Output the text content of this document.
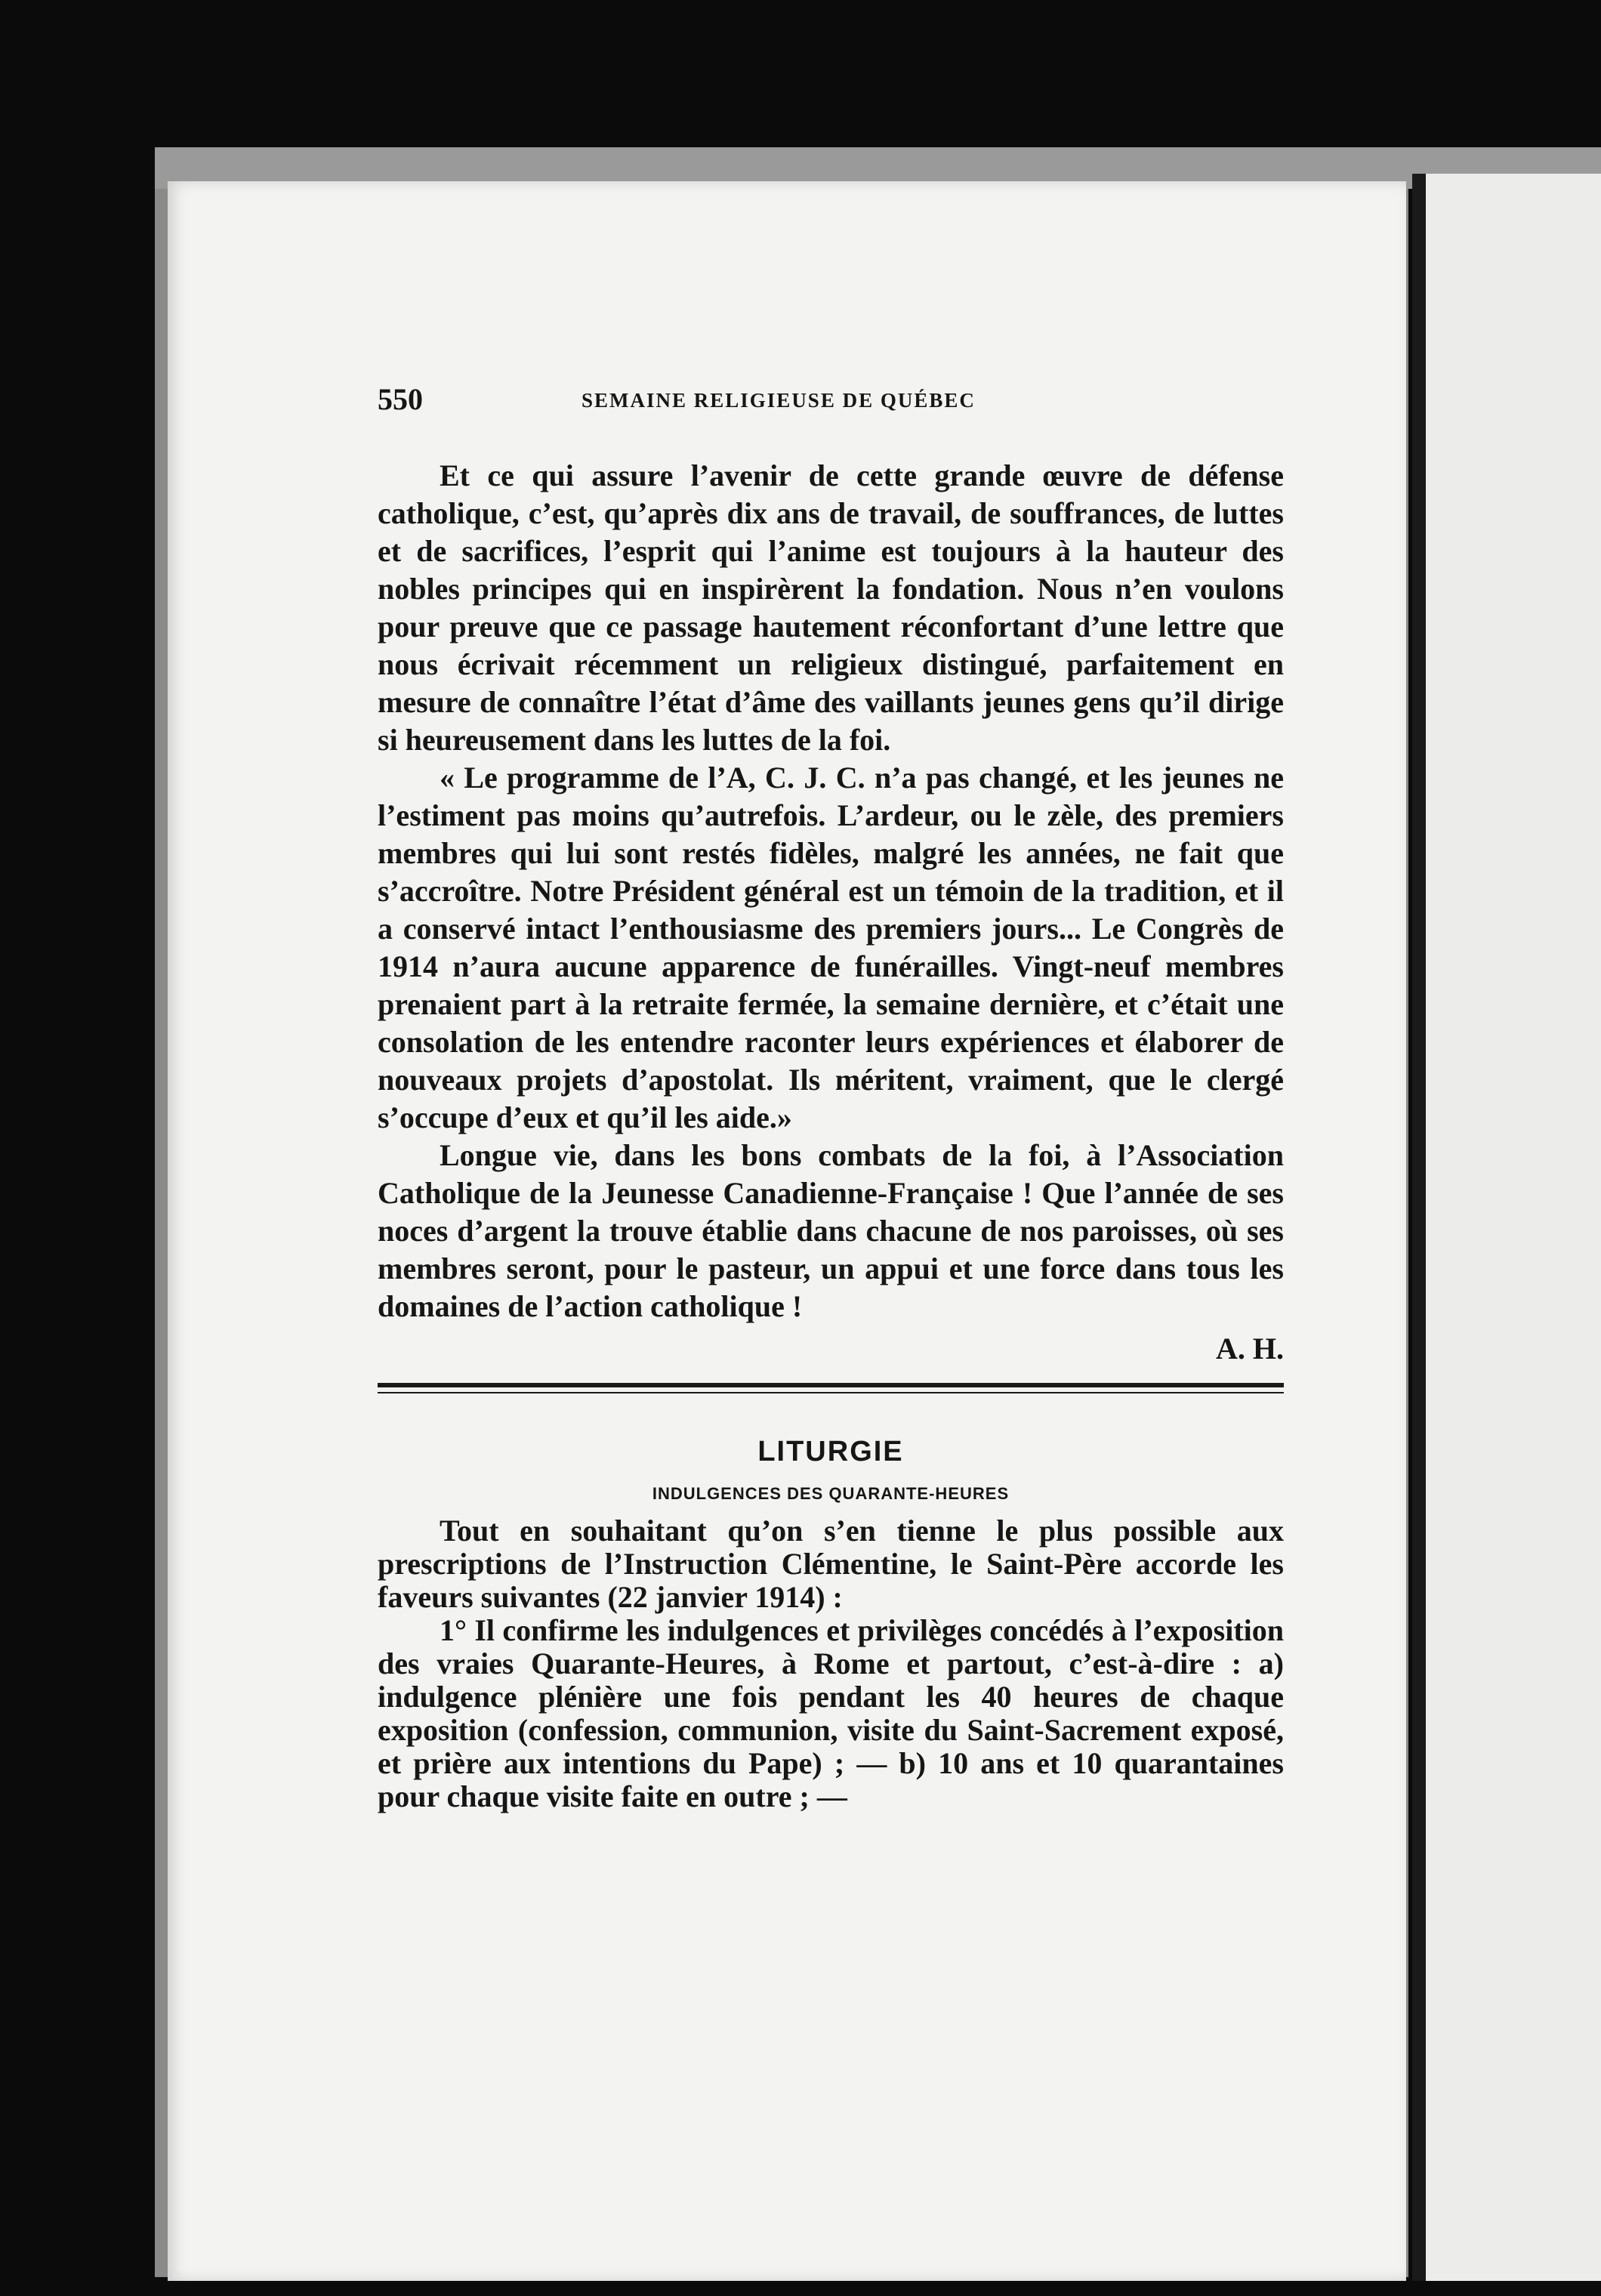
550	SEMAINE RELIGIEUSE DE QUÉBEC

Et ce qui assure l’avenir de cette grande œuvre de défense catholique, c’est, qu’après dix ans de travail, de souffrances, de luttes et de sacrifices, l’esprit qui l’anime est toujours à la hauteur des nobles principes qui en inspirèrent la fondation. Nous n’en voulons pour preuve que ce passage hautement réconfortant d’une lettre que nous écrivait récemment un religieux distingué, parfaitement en mesure de connaître l’état d’âme des vaillants jeunes gens qu’il dirige si heureusement dans les luttes de la foi.

« Le programme de l’A, C. J. C. n’a pas changé, et les jeunes ne l’estiment pas moins qu’autrefois. L’ardeur, ou le zèle, des premiers membres qui lui sont restés fidèles, malgré les années, ne fait que s’accroître. Notre Président général est un témoin de la tradition, et il a conservé intact l’enthousiasme des premiers jours... Le Congrès de 1914 n’aura aucune apparence de funérailles. Vingt-neuf membres prenaient part à la retraite fermée, la semaine dernière, et c’était une consolation de les entendre raconter leurs expériences et élaborer de nouveaux projets d’apostolat. Ils méritent, vraiment, que le clergé s’occupe d’eux et qu’il les aide.»

Longue vie, dans les bons combats de la foi, à l’Association Catholique de la Jeunesse Canadienne-Française ! Que l’année de ses noces d’argent la trouve établie dans chacune de nos paroisses, où ses membres seront, pour le pasteur, un appui et une force dans tous les domaines de l’action catholique !

A. H.

LITURGIE
INDULGENCES DES QUARANTE-HEURES

Tout en souhaitant qu’on s’en tienne le plus possible aux prescriptions de l’Instruction Clémentine, le Saint-Père accorde les faveurs suivantes (22 janvier 1914) :

1° Il confirme les indulgences et privilèges concédés à l’exposition des vraies Quarante-Heures, à Rome et partout, c’est-à-dire : a) indulgence plénière une fois pendant les 40 heures de chaque exposition (confession, communion, visite du Saint-Sacrement exposé, et prière aux intentions du Pape) ; — b) 10 ans et 10 quarantaines pour chaque visite faite en outre ; —
